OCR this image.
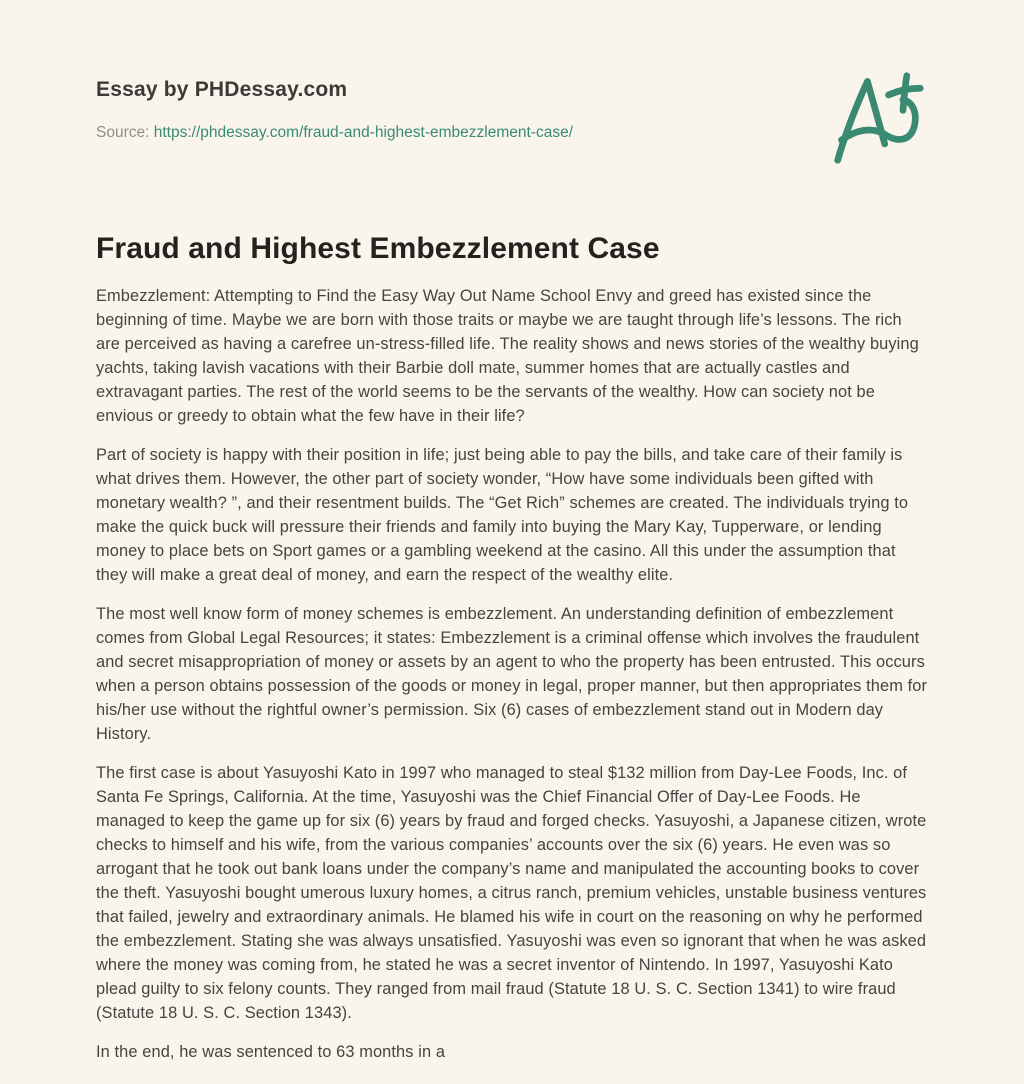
Essay by PHDessay.com
Source: https://phdessay.com/fraud-and-highest-embezzlement-case/
Fraud and Highest Embezzlement Case

Embezzlement: Attempting to Find the Easy Way Out Name School Envy and greed has existed since the beginning of time. Maybe we are born with those traits or maybe we are taught through life’s lessons. The rich are perceived as having a carefree un-stress-filled life. The reality shows and news stories of the wealthy buying yachts, taking lavish vacations with their Barbie doll mate, summer homes that are actually castles and extravagant parties. The rest of the world seems to be the servants of the wealthy. How can society not be envious or greedy to obtain what the few have in their life?

Part of society is happy with their position in life; just being able to pay the bills, and take care of their family is what drives them. However, the other part of society wonder, “How have some individuals been gifted with monetary wealth? ”, and their resentment builds. The “Get Rich” schemes are created. The individuals trying to make the quick buck will pressure their friends and family into buying the Mary Kay, Tupperware, or lending money to place bets on Sport games or a gambling weekend at the casino. All this under the assumption that they will make a great deal of money, and earn the respect of the wealthy elite.

The most well know form of money schemes is embezzlement. An understanding definition of embezzlement comes from Global Legal Resources; it states: Embezzlement is a criminal offense which involves the fraudulent and secret misappropriation of money or assets by an agent to who the property has been entrusted. This occurs when a person obtains possession of the goods or money in legal, proper manner, but then appropriates them for his/her use without the rightful owner’s permission. Six (6) cases of embezzlement stand out in Modern day History.

The first case is about Yasuyoshi Kato in 1997 who managed to steal $132 million from Day-Lee Foods, Inc. of Santa Fe Springs, California. At the time, Yasuyoshi was the Chief Financial Offer of Day-Lee Foods. He managed to keep the game up for six (6) years by fraud and forged checks. Yasuyoshi, a Japanese citizen, wrote checks to himself and his wife, from the various companies’ accounts over the six (6) years. He even was so arrogant that he took out bank loans under the company’s name and manipulated the accounting books to cover the theft. Yasuyoshi bought umerous luxury homes, a citrus ranch, premium vehicles, unstable business ventures that failed, jewelry and extraordinary animals. He blamed his wife in court on the reasoning on why he performed the embezzlement. Stating she was always unsatisfied. Yasuyoshi was even so ignorant that when he was asked where the money was coming from, he stated he was a secret inventor of Nintendo. In 1997, Yasuyoshi Kato plead guilty to six felony counts. They ranged from mail fraud (Statute 18 U. S. C. Section 1341) to wire fraud (Statute 18 U. S. C. Section 1343).

In the end, he was sentenced to 63 months in a
